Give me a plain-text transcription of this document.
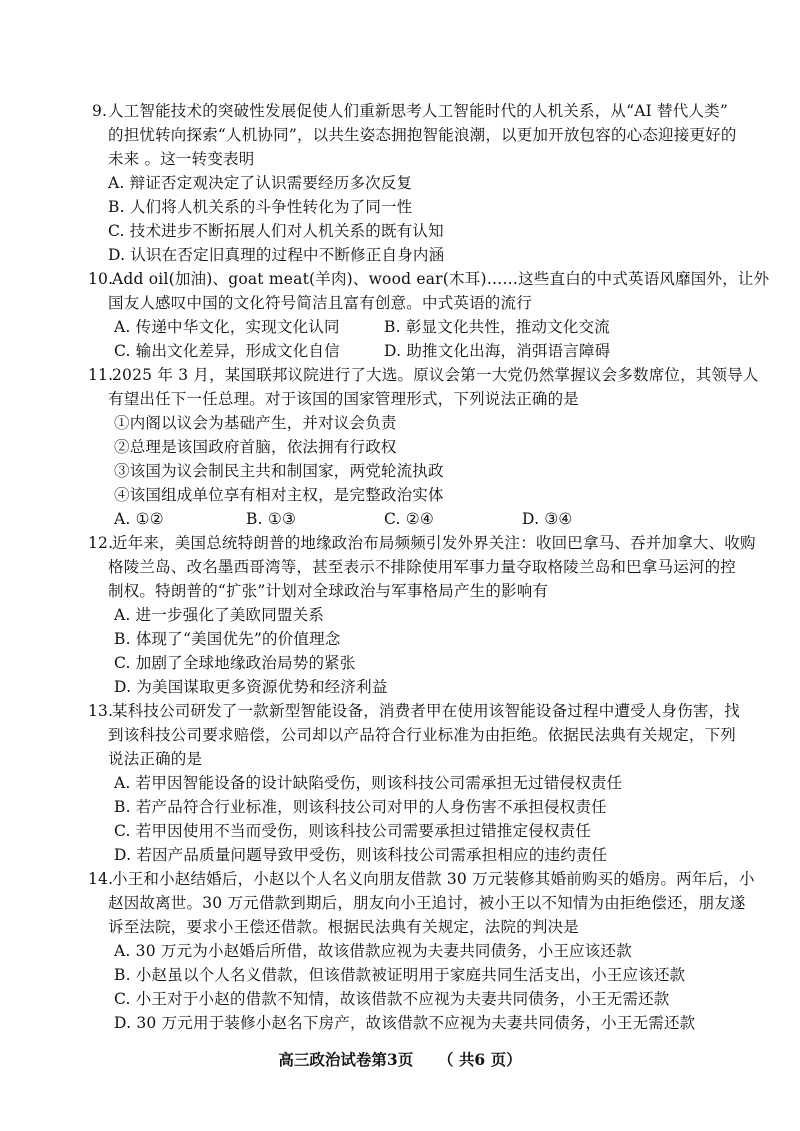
9. 人工智能技术的突破性发展促使人们重新思考人工智能时代的人机关系，从“AI 替代人类”
的担忧转向探索“人机协同”，以共生姿态拥抱智能浪潮，以更加开放包容的心态迎接更好的
未来 。这一转变表明
A. 辩证否定观决定了认识需要经历多次反复
B. 人们将人机关系的斗争性转化为了同一性
C. 技术进步不断拓展人们对人机关系的既有认知
D. 认识在否定旧真理的过程中不断修正自身内涵
10.
Add oil(加油)、goat meat(羊肉)、wood ear(木耳)……这些直白的中式英语风靡国外，让外
国友人感叹中国的文化符号简洁且富有创意。中式英语的流行
A. 传递中华文化，实现文化认同	B. 彰显文化共性，推动文化交流
C. 输出文化差异，形成文化自信	D. 助推文化出海，消弭语言障碍
11.
2025 年 3 月，某国联邦议院进行了大选。原议会第一大党仍然掌握议会多数席位，其领导人
有望出任下一任总理。对于该国的国家管理形式，下列说法正确的是
①内阁以议会为基础产生，并对议会负责
②总理是该国政府首脑，依法拥有行政权
③该国为议会制民主共和制国家，两党轮流执政
④该国组成单位享有相对主权，是完整政治实体
A. ①②	B. ①③	C. ②④	D. ③④
12.
近年来，美国总统特朗普的地缘政治布局频频引发外界关注：收回巴拿马、吞并加拿大、收购
格陵兰岛、改名墨西哥湾等，甚至表示不排除使用军事力量夺取格陵兰岛和巴拿马运河的控
制权。特朗普的“扩张”计划对全球政治与军事格局产生的影响有
A. 进一步强化了美欧同盟关系
B. 体现了“美国优先”的价值理念
C. 加剧了全球地缘政治局势的紧张
D. 为美国谋取更多资源优势和经济利益
13.
某科技公司研发了一款新型智能设备，消费者甲在使用该智能设备过程中遭受人身伤害，找
到该科技公司要求赔偿，公司却以产品符合行业标准为由拒绝。依据民法典有关规定，下列
说法正确的是
A. 若甲因智能设备的设计缺陷受伤，则该科技公司需承担无过错侵权责任
B. 若产品符合行业标准，则该科技公司对甲的人身伤害不承担侵权责任
C. 若甲因使用不当而受伤，则该科技公司需要承担过错推定侵权责任
D. 若因产品质量问题导致甲受伤，则该科技公司需承担相应的违约责任
14.
小王和小赵结婚后，小赵以个人名义向朋友借款 30 万元装修其婚前购买的婚房。两年后，小
赵因故离世。30 万元借款到期后，朋友向小王追讨，被小王以不知情为由拒绝偿还，朋友遂
诉至法院，要求小王偿还借款。根据民法典有关规定，法院的判决是
A. 30 万元为小赵婚后所借，故该借款应视为夫妻共同债务，小王应该还款
B. 小赵虽以个人名义借款，但该借款被证明用于家庭共同生活支出，小王应该还款
C. 小王对于小赵的借款不知情，故该借款不应视为夫妻共同债务，小王无需还款
D. 30 万元用于装修小赵名下房产，故该借款不应视为夫妻共同债务，小王无需还款
高三政治试卷第3页 （ 共6 页）
